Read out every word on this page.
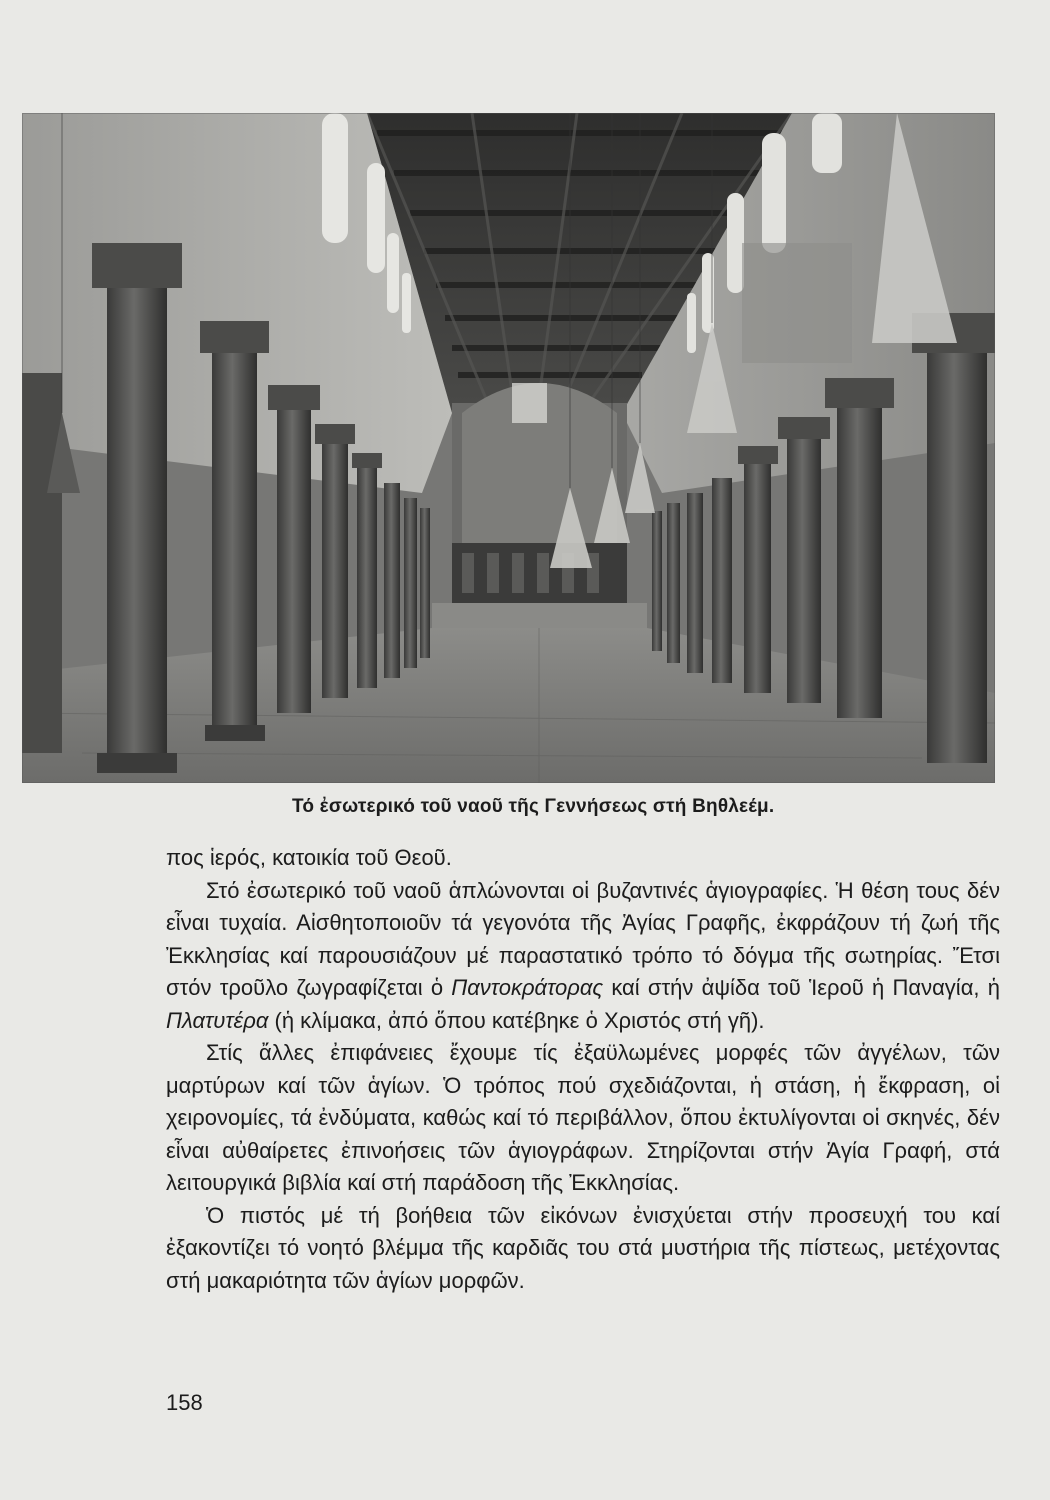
Τό ἐσωτερικό τοῦ ναοῦ τῆς Γεννήσεως στή Βηθλεέμ.

πος ἱερός, κατοικία τοῦ Θεοῦ.

Στό ἐσωτερικό τοῦ ναοῦ ἁπλώνονται οἱ βυζαντινές ἁγιογραφίες. Ἡ θέση τους δέν εἶναι τυχαία. Αἰσθητοποιοῦν τά γεγονότα τῆς Ἁγίας Γραφῆς, ἐκφράζουν τή ζωή τῆς Ἐκκλησίας καί παρουσιάζουν μέ παραστατικό τρόπο τό δόγμα τῆς σωτηρίας. Ἔτσι στόν τροῦλο ζωγραφίζεται ὁ Παντοκράτορας καί στήν ἀψίδα τοῦ Ἱεροῦ ἡ Παναγία, ἡ Πλατυτέρα (ἡ κλίμακα, ἀπό ὅπου κατέβηκε ὁ Χριστός στή γῆ).

Στίς ἄλλες ἐπιφάνειες ἔχουμε τίς ἐξαϋλωμένες μορφές τῶν ἀγγέλων, τῶν μαρτύρων καί τῶν ἁγίων. Ὁ τρόπος πού σχεδιάζονται, ἡ στάση, ἡ ἔκφραση, οἱ χειρονομίες, τά ἐνδύματα, καθώς καί τό περιβάλλον, ὅπου ἐκτυλίγονται οἱ σκηνές, δέν εἶναι αὐθαίρετες ἐπινοήσεις τῶν ἁγιογράφων. Στηρίζονται στήν Ἁγία Γραφή, στά λειτουργικά βιβλία καί στή παράδοση τῆς Ἐκκλησίας.

Ὁ πιστός μέ τή βοήθεια τῶν εἰκόνων ἐνισχύεται στήν προσευχή του καί ἐξακοντίζει τό νοητό βλέμμα τῆς καρδιᾶς του στά μυστήρια τῆς πίστεως, μετέχοντας στή μακαριότητα τῶν ἁγίων μορφῶν.

158
